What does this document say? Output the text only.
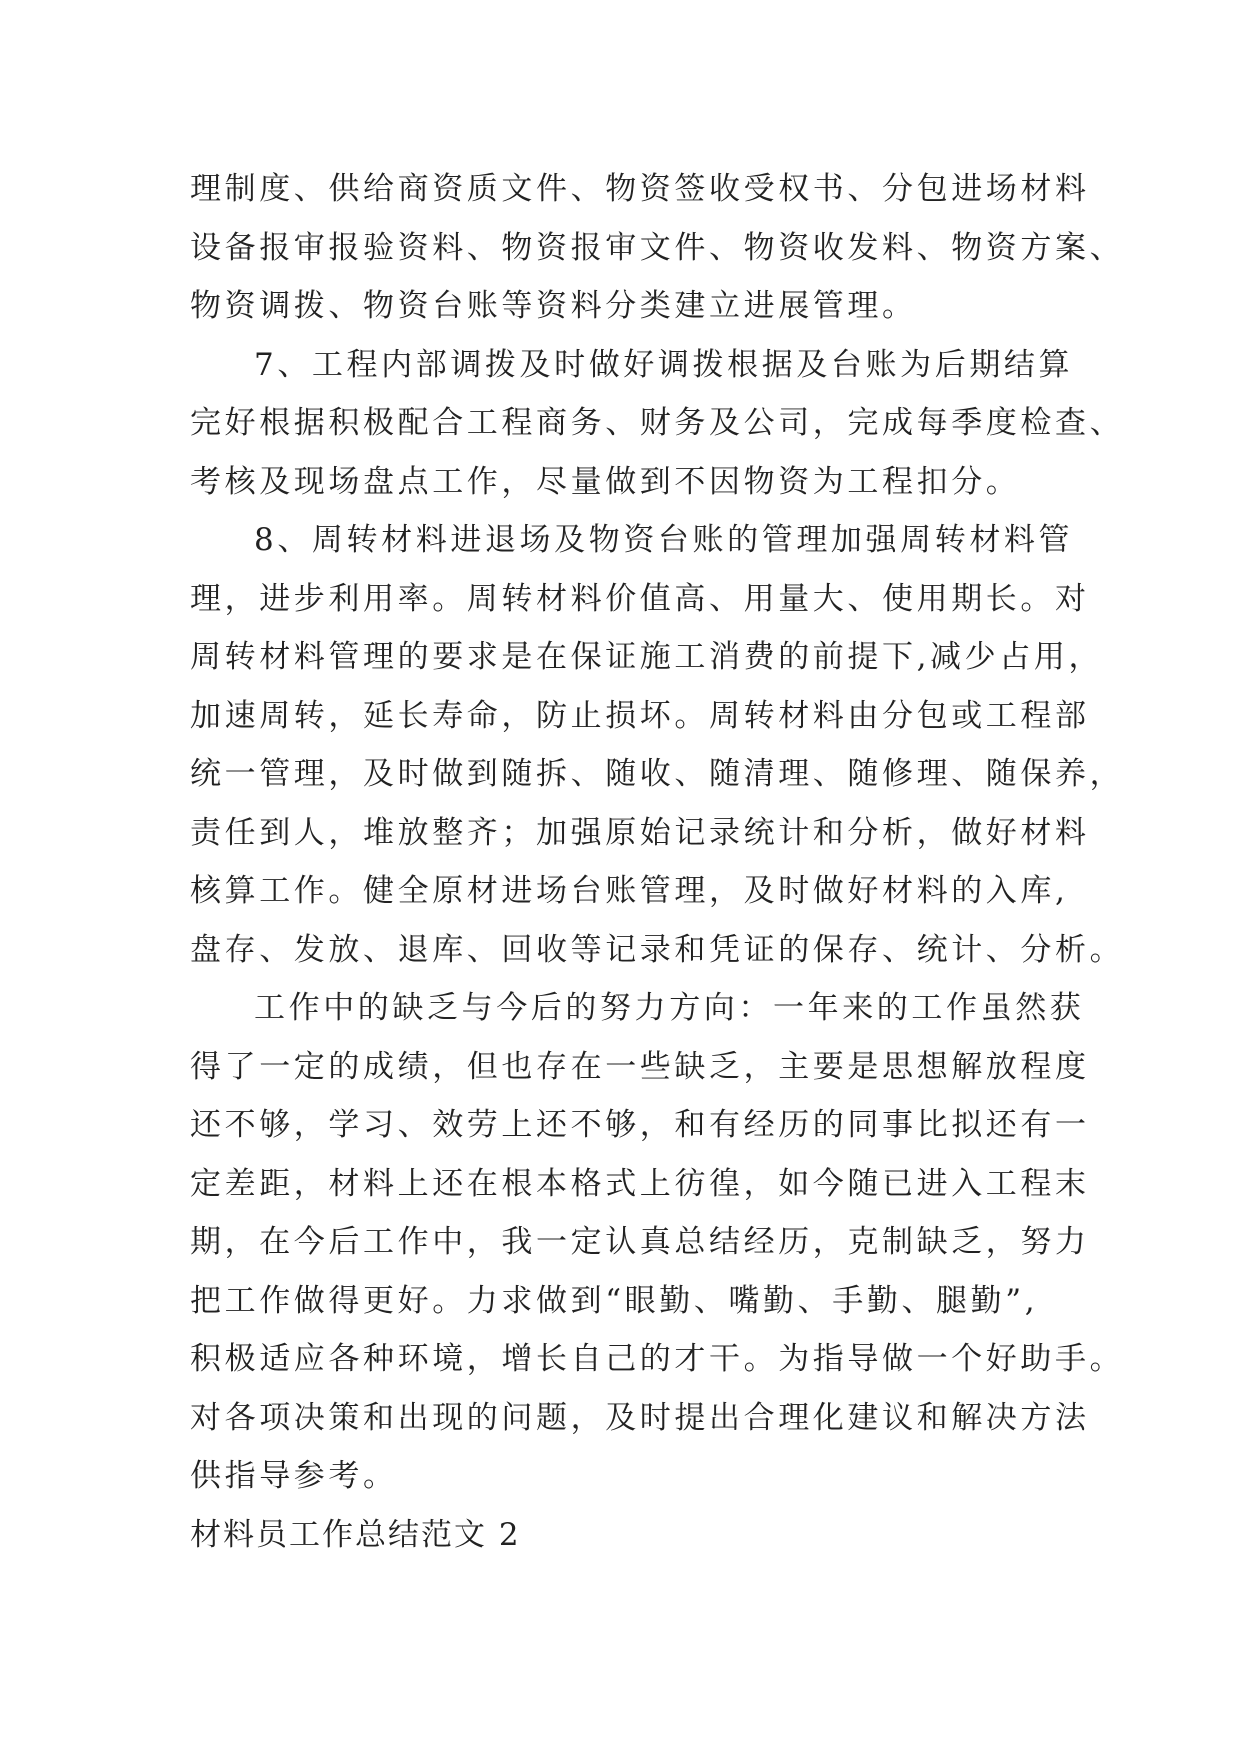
理制度、供给商资质文件、物资签收受权书、分包进场材料
设备报审报验资料、物资报审文件、物资收发料、物资方案、
物资调拨、物资台账等资料分类建立进展管理。
7、工程内部调拨及时做好调拨根据及台账为后期结算
完好根据积极配合工程商务、财务及公司，完成每季度检查、
考核及现场盘点工作，尽量做到不因物资为工程扣分。
8、周转材料进退场及物资台账的管理加强周转材料管
理，进步利用率。周转材料价值高、用量大、使用期长。对
周转材料管理的要求是在保证施工消费的前提下,减少占用，
加速周转，延长寿命，防止损坏。周转材料由分包或工程部
统一管理，及时做到随拆、随收、随清理、随修理、随保养，
责任到人，堆放整齐；加强原始记录统计和分析，做好材料
核算工作。健全原材进场台账管理，及时做好材料的入库,
盘存、发放、退库、回收等记录和凭证的保存、统计、分析。
工作中的缺乏与今后的努力方向：一年来的工作虽然获
得了一定的成绩，但也存在一些缺乏，主要是思想解放程度
还不够，学习、效劳上还不够，和有经历的同事比拟还有一
定差距，材料上还在根本格式上彷徨，如今随已进入工程末
期，在今后工作中，我一定认真总结经历，克制缺乏，努力
把工作做得更好。力求做到“眼勤、嘴勤、手勤、腿勤”,
积极适应各种环境，增长自己的才干。为指导做一个好助手。
对各项决策和出现的问题，及时提出合理化建议和解决方法
供指导参考。
材料员工作总结范文 2
